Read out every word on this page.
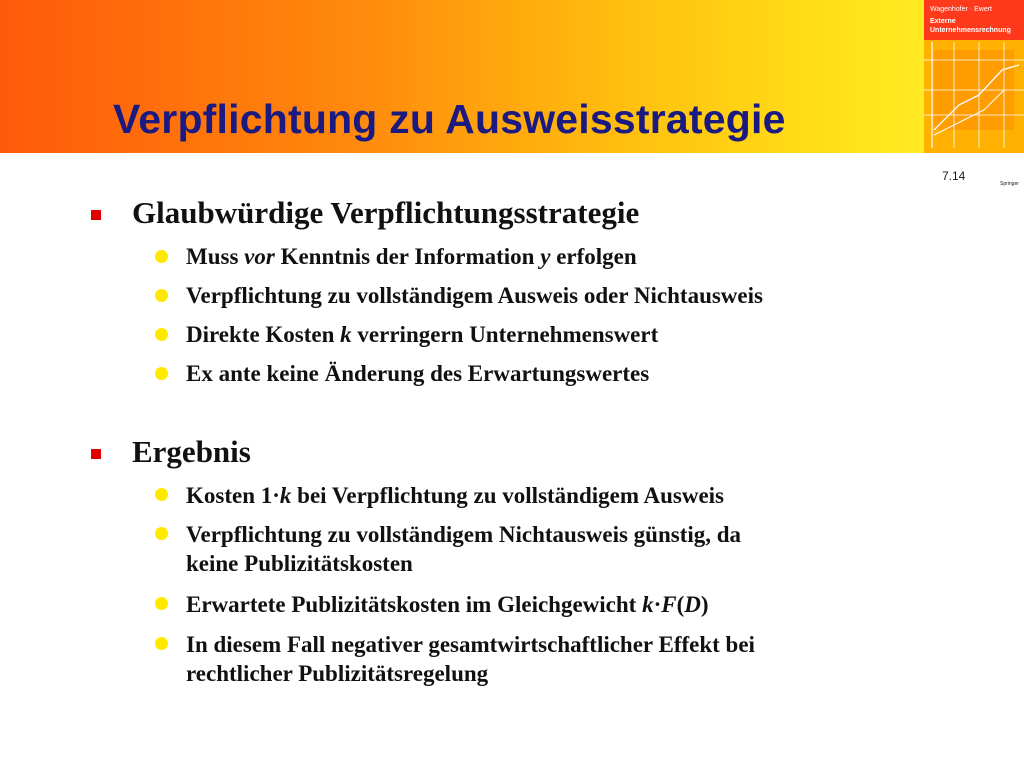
Verpflichtung zu Ausweisstrategie
Wagenhofer · Ewert
Externe
Unternehmensrechnung
7.14
Springer
Glaubwürdige Verpflichtungsstrategie
Muss vor Kenntnis der Information y erfolgen
Verpflichtung zu vollständigem Ausweis oder Nichtausweis
Direkte Kosten k verringern Unternehmenswert
Ex ante keine Änderung des Erwartungswertes
Ergebnis
Kosten 1·k bei Verpflichtung zu vollständigem Ausweis
Verpflichtung zu vollständigem Nichtausweis günstig, da
keine Publizitätskosten
Erwartete Publizitätskosten im Gleichgewicht k·F(D)
In diesem Fall negativer gesamtwirtschaftlicher Effekt bei
rechtlicher Publizitätsregelung
